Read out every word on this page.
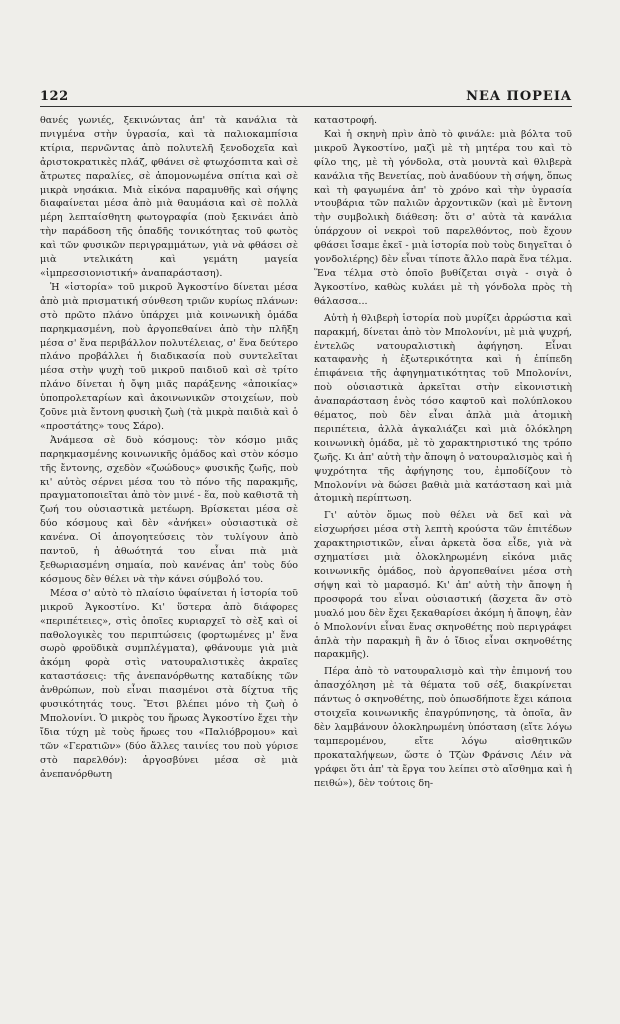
122	ΝΕΑ ΠΟΡΕΙΑ

θανές γωνιές, ξεκινώντας ἀπ' τὰ κανάλια τὰ πνιγμένα στὴν ὑγρασία, καὶ τὰ παλιοκαμπίσια κτίρια, περνῶντας ἀπὸ πολυτελῆ ξενοδοχεῖα καὶ ἀριστοκρατικὲς πλάζ, φθάνει σὲ φτωχόσπιτα καὶ σὲ ἄτρωτες παραλίες, σὲ ἀπομονωμένα σπίτια καὶ σὲ μικρὰ νησάκια. Μιὰ εἰκόνα παραμυθῆς καὶ σήψης διαφαίνεται μέσα ἀπὸ μιὰ θαυμάσια καὶ σὲ πολλὰ μέρη λεπταίσθητη φωτογραφία (ποὺ ξεκινάει ἀπὸ τὴν παράδοση τῆς ὁπαδῆς τονικότητας τοῦ φωτὸς καὶ τῶν φυσικῶν περιγραμμάτων, γιὰ νὰ φθάσει σὲ μιὰ ντελικάτη καὶ γεμάτη μαγεία «ἰμπρεσσιονιστική» ἀναπαράσταση).

Ἡ «ἱστορία» τοῦ μικροῦ Ἀγκοστίνο δίνεται μέσα ἀπὸ μιὰ πρισματική σύνθεση τριῶν κυρίως πλάνων: στὸ πρῶτο πλάνο ὑπάρχει μιὰ κοινωνικὴ ὁμάδα παρηκμασμένη, ποὺ ἀργοπεθαίνει ἀπὸ τὴν πλῆξη μέσα σ' ἕνα περιβάλλον πολυτέλειας, σ' ἕνα δεύτερο πλάνο προβάλλει ἡ διαδικασία ποὺ συντελεῖται μέσα στὴν ψυχὴ τοῦ μικροῦ παιδιοῦ καὶ σὲ τρίτο πλάνο δίνεται ἡ ὄψη μιᾶς παράξενης «ἀποικίας» ὑποπρολεταρίων καὶ ἀκοινωνικῶν στοιχείων, ποὺ ζοῦνε μιὰ ἔντονη φυσικὴ ζωὴ (τὰ μικρὰ παιδιὰ καὶ ὁ «προστάτης» τους Σάρο).

Ἀνάμεσα σὲ δυὸ κόσμους: τὸν κόσμο μιᾶς παρηκμασμένης κοινωνικῆς ὁμάδος καὶ στὸν κόσμο τῆς ἔντονης, σχεδὸν «ζωώδους» φυσικῆς ζωῆς, ποὺ κι' αὐτὸς σέρνει μέσα του τὸ πόνο τῆς παρακμῆς, πραγματοποιεῖται ἀπὸ τὸν μινέ - ἕα, ποὺ καθιστᾶ τὴ ζωή του οὐσιαστικὰ μετέωρη. Βρίσκεται μέσα σὲ δύο κόσμους καὶ δὲν «ἀνήκει» οὐσιαστικὰ σὲ κανένα. Οἱ ἀπογοητεύσεις τὸν τυλίγουν ἀπὸ παντοῦ, ἡ ἀθωότητά του εἶναι πιὰ μιὰ ξεθωριασμένη σημαία, ποὺ κανένας ἀπ' τοὺς δύο κόσμους δὲν θέλει νὰ τὴν κάνει σύμβολό του.

Μέσα σ' αὐτὸ τὸ πλαίσιο ὑφαίνεται ἡ ἱστορία τοῦ μικροῦ Ἀγκοστίνο. Κι' ὕστερα ἀπὸ διάφορες «περιπέτειες», στὶς ὁποῖες κυριαρχεῖ τὸ σὲξ καὶ οἱ παθολογικὲς του περιπτώσεις (φορτωμένες μ' ἕνα σωρὸ φροϋδικὰ συμπλέγματα), φθάνουμε γιὰ μιὰ ἀκόμη φορὰ στὶς νατουραλιστικὲς ἀκραῖες καταστάσεις: τῆς ἀνεπανόρθωτης καταδίκης τῶν ἀνθρώπων, ποὺ εἶναι πιασμένοι στὰ δίχτυα τῆς φυσικότητάς τους. Ἔτσι βλέπει μόνο τὴ ζωὴ ὁ Μπολονίνι. Ὁ μικρὸς του ἥρωας Ἀγκοστίνο ἔχει τὴν ἴδια τύχη μὲ τοὺς ἥρωες του «Παλιόβρομου» καὶ τῶν «Γερατιῶν» (δύο ἄλλες ταινίες του ποὺ γύρισε στὸ παρελθόν): ἀργοσβύνει μέσα σὲ μιὰ ἀνεπανόρθωτη

καταστροφή.

Καὶ ἡ σκηνὴ πρὶν ἀπὸ τὸ φινάλε: μιὰ βόλτα τοῦ μικροῦ Ἀγκοστίνο, μαζὶ μὲ τὴ μητέρα του καὶ τὸ φίλο της, μὲ τὴ γόνδολα, στὰ μουντὰ καὶ θλιβερὰ κανάλια τῆς Βενετίας, ποὺ ἀναδύουν τὴ σήψη, ὅπως καὶ τὴ φαγωμένα ἀπ' τὸ χρόνο καὶ τὴν ὑγρασία ντουβάρια τῶν παλιῶν ἀρχοντικῶν (καὶ μὲ ἔντονη τὴν συμβολικὴ διάθεση: ὅτι σ' αὐτὰ τὰ κανάλια ὑπάρχουν οἱ νεκροὶ τοῦ παρελθόντος, ποὺ ἔχουν φθάσει ἴσαμε ἐκεῖ - μιὰ ἱστορία ποὺ τοὺς διηγεῖται ὁ γονδολιέρης) δὲν εἶναι τίποτε ἄλλο παρὰ ἕνα τέλμα. Ἕνα τέλμα στὸ ὁποῖο βυθίζεται σιγὰ - σιγὰ ὁ Ἀγκοστίνο, καθὼς κυλάει μὲ τὴ γόνδολα πρὸς τὴ θάλασσα...

Αὐτὴ ἡ θλιβερὴ ἱστορία ποὺ μυρίζει ἀρρώστια καὶ παρακμή, δίνεται ἀπὸ τὸν Μπολονίνι, μὲ μιὰ ψυχρή, ἐντελῶς νατουραλιστικὴ ἀφήγηση. Εἶναι καταφανὴς ἡ ἐξωτερικότητα καὶ ἡ ἐπίπεδη ἐπιφάνεια τῆς ἀφηγηματικότητας τοῦ Μπολονίνι, ποὺ οὐσιαστικὰ ἀρκεῖται στὴν εἰκονιστικὴ ἀναπαράσταση ἑνὸς τόσο καφτοῦ καὶ πολύπλοκου θέματος, ποὺ δὲν εἶναι ἁπλὰ μιὰ ἀτομικὴ περιπέτεια, ἀλλὰ ἀγκαλιάζει καὶ μιὰ ὁλόκληρη κοινωνικὴ ὁμάδα, μὲ τὸ χαρακτηριστικό της τρόπο ζωῆς. Κι ἀπ' αὐτὴ τὴν ἄποψη ὁ νατουραλισμὸς καὶ ἡ ψυχρότητα τῆς ἀφήγησης του, ἐμποδίζουν τὸ Μπολονίνι νὰ δώσει βαθιὰ μιὰ κατάσταση καὶ μιὰ ἀτομικὴ περίπτωση.

Γι' αὐτὸν ὅμως ποὺ θέλει νὰ δεῖ καὶ νὰ εἰσχωρήσει μέσα στὴ λεπτὴ κρούστα τῶν ἐπιτέδων χαρακτηριστικῶν, εἶναι ἀρκετὰ ὅσα εἶδε, γιὰ νὰ σχηματίσει μιὰ ὁλοκληρωμένη εἰκόνα μιᾶς κοινωνικῆς ὁμάδος, ποὺ ἀργοπεθαίνει μέσα στὴ σήψη καὶ τὸ μαρασμό. Κι' ἀπ' αὐτὴ τὴν ἄποψη ἡ προσφορά του εἶναι οὐσιαστική (ἄσχετα ἂν στὸ μυαλό μου δὲν ἔχει ξεκαθαρίσει ἀκόμη ἡ ἄποψη, ἐὰν ὁ Μπολονίνι εἶναι ἕνας σκηνοθέτης ποὺ περιγράφει ἁπλὰ τὴν παρακμὴ ἢ ἂν ὁ ἴδιος εἶναι σκηνοθέτης παρακμῆς).

Πέρα ἀπὸ τὸ νατουραλισμὸ καὶ τὴν ἐπιμονή του ἀπασχόληση μὲ τὰ θέματα τοῦ σέξ, διακρίνεται πάντως ὁ σκηνοθέτης, ποὺ ὁπωσδήποτε ἔχει κάποια στοιχεῖα κοινωνικῆς ἐπαγρύπνησης, τὰ ὁποῖα, ἂν δὲν λαμβάνουν ὁλοκληρωμένη ὑπόσταση (εἴτε λόγω ταμπερομένου, εἴτε λόγω αἰσθητικῶν προκαταλήψεων, ὥστε ὁ Τζὼν Φράνσις Λέιν νὰ γράφει ὅτι ἀπ' τὰ ἔργα του λείπει στὸ αἴσθημα καὶ ἡ πειθώ»), δὲν τούτοις δη-
